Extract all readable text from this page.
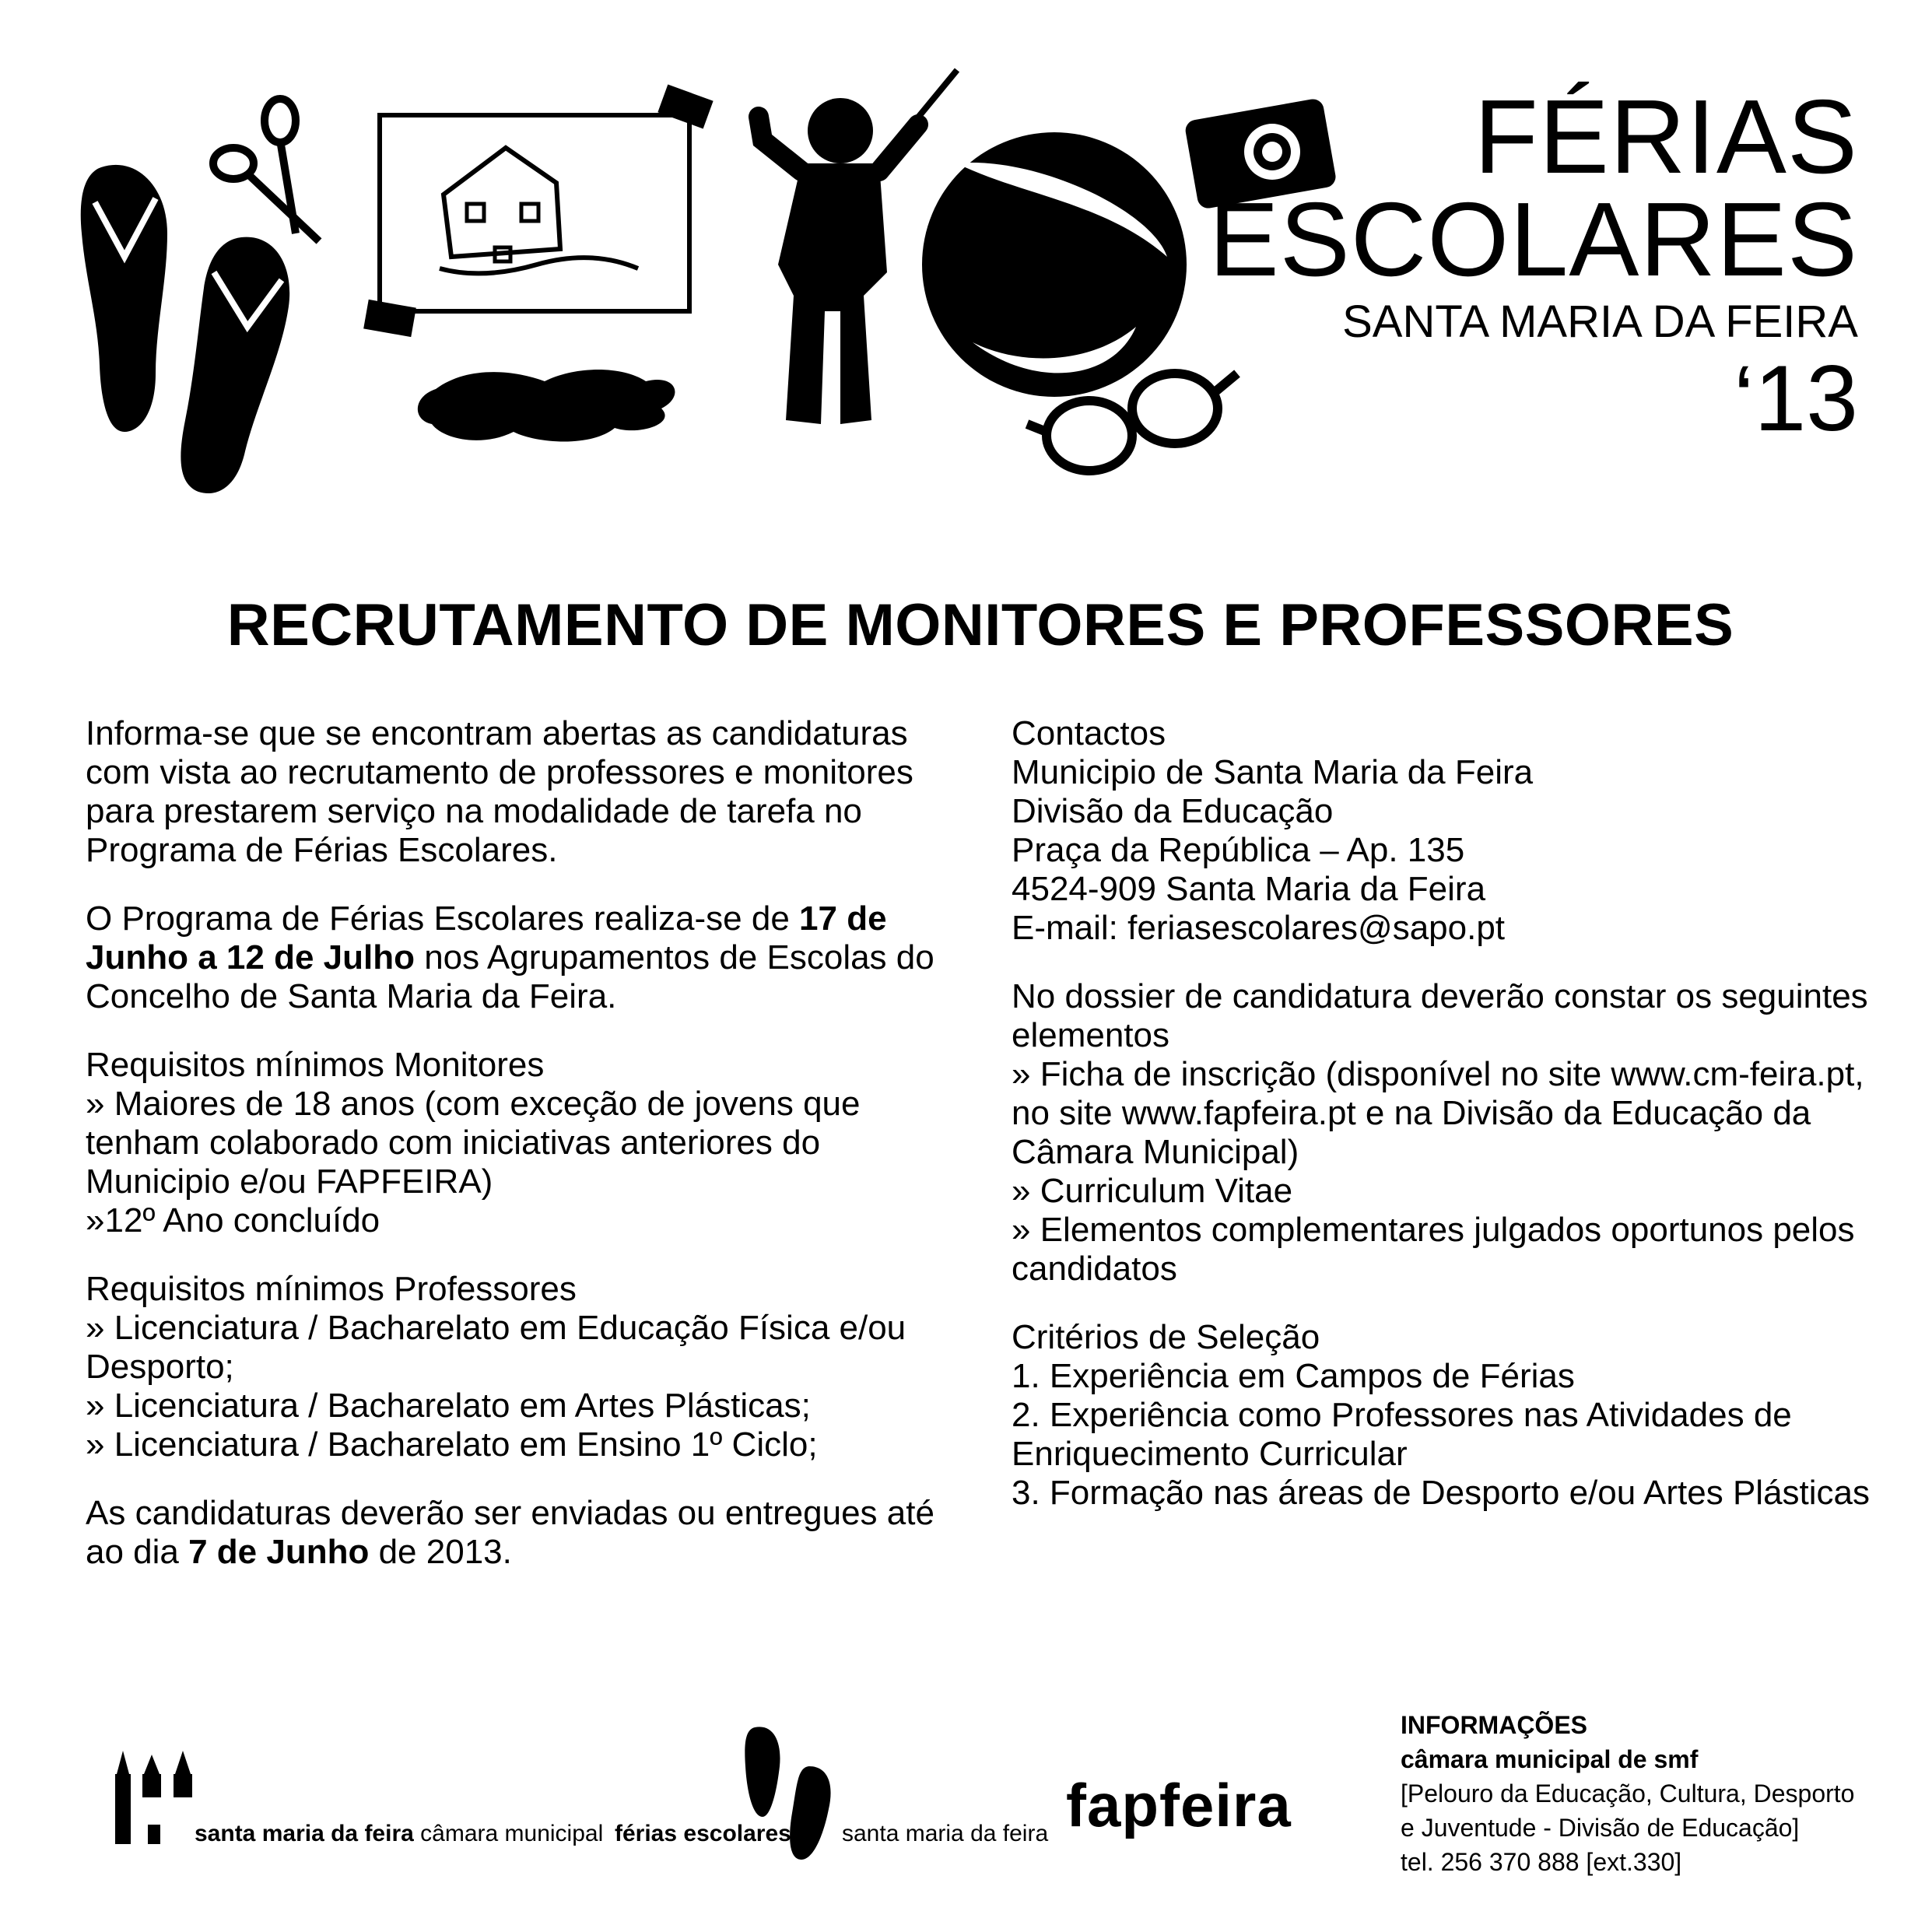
FÉRIAS
ESCOLARES
SANTA MARIA DA FEIRA
‘13
RECRUTAMENTO DE MONITORES E PROFESSORES

Informa-se que se encontram abertas as candidaturas com vista ao recrutamento de professores e monitores para prestarem serviço na modalidade de tarefa no Programa de Férias Escolares.

O Programa de Férias Escolares realiza-se de 17 de Junho a 12 de Julho nos Agrupamentos de Escolas do Concelho de Santa Maria da Feira.

Requisitos mínimos Monitores
» Maiores de 18 anos (com exceção de jovens que tenham colaborado com iniciativas anteriores do Municipio e/ou FAPFEIRA)
»12º Ano concluído
Requisitos mínimos Professores
» Licenciatura / Bacharelato em Educação Física e/ou Desporto;
» Licenciatura / Bacharelato em Artes Plásticas;
» Licenciatura / Bacharelato em Ensino 1º Ciclo;

As candidaturas deverão ser enviadas ou entregues até ao dia 7 de Junho de 2013.

Contactos
Municipio de Santa Maria da Feira
Divisão da Educação
Praça da República – Ap. 135
4524-909 Santa Maria da Feira
E-mail: feriasescolares@sapo.pt
No dossier de candidatura deverão constar os seguintes elementos
» Ficha de inscrição (disponível no site www.cm-feira.pt, no site www.fapfeira.pt e na Divisão da Educação da Câmara Municipal)
» Curriculum Vitae
» Elementos complementares julgados oportunos pelos candidatos
Critérios de Seleção
1. Experiência em Campos de Férias
2. Experiência como Professores nas Atividades de Enriquecimento Curricular
3. Formação nas áreas de Desporto e/ou Artes Plásticas
santa maria da feira câmara municipal férias escolares santa maria da feira fapfeira
INFORMAÇÕES
câmara municipal de smf
[Pelouro da Educação, Cultura, Desporto
e Juventude - Divisão de Educação]
tel. 256 370 888 [ext.330]
